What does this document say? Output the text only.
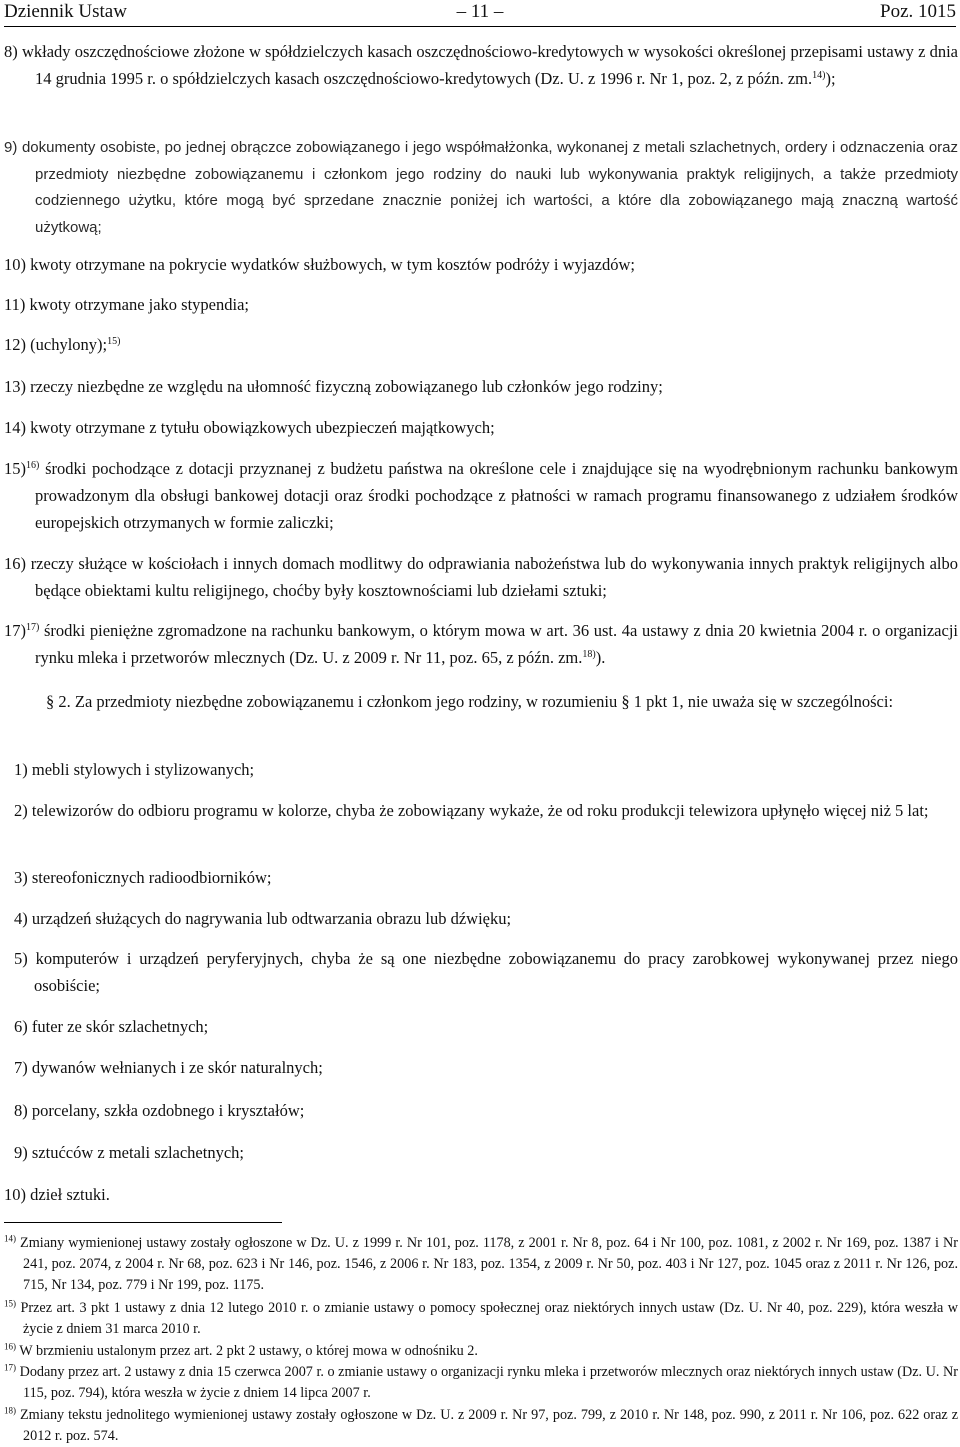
Dziennik Ustaw	– 11 –	Poz. 1015
8) wkłady oszczędnościowe złożone w spółdzielczych kasach oszczędnościowo-kredytowych w wysokości określonej przepisami ustawy z dnia 14 grudnia 1995 r. o spółdzielczych kasach oszczędnościowo-kredytowych (Dz. U. z 1996 r. Nr 1, poz. 2, z późn. zm.$^{14)}$);
9) dokumenty osobiste, po jednej obrączce zobowiązanego i jego współmałżonka, wykonanej z metali szlachetnych, ordery i odznaczenia oraz przedmioty niezbędne zobowiązanemu i członkom jego rodziny do nauki lub wykonywania praktyk religijnych, a także przedmioty codziennego użytku, które mogą być sprzedane znacznie poniżej ich wartości, a które dla zobowiązanego mają znaczną wartość użytkową;
10) kwoty otrzymane na pokrycie wydatków służbowych, w tym kosztów podróży i wyjazdów;
11) kwoty otrzymane jako stypendia;
12) (uchylony);$^{15)}$
13) rzeczy niezbędne ze względu na ułomność fizyczną zobowiązanego lub członków jego rodziny;
14) kwoty otrzymane z tytułu obowiązkowych ubezpieczeń majątkowych;
15)$^{16)}$ środki pochodzące z dotacji przyznanej z budżetu państwa na określone cele i znajdujące się na wyodrębnionym rachunku bankowym prowadzonym dla obsługi bankowej dotacji oraz środki pochodzące z płatności w ramach programu finansowanego z udziałem środków europejskich otrzymanych w formie zaliczki;
16) rzeczy służące w kościołach i innych domach modlitwy do odprawiania nabożeństwa lub do wykonywania innych praktyk religijnych albo będące obiektami kultu religijnego, choćby były kosztownościami lub dziełami sztuki;
17)$^{17)}$ środki pieniężne zgromadzone na rachunku bankowym, o którym mowa w art. 36 ust. 4a ustawy z dnia 20 kwietnia 2004 r. o organizacji rynku mleka i przetworów mlecznych (Dz. U. z 2009 r. Nr 11, poz. 65, z późn. zm.$^{18)}$).
§ 2. Za przedmioty niezbędne zobowiązanemu i członkom jego rodziny, w rozumieniu § 1 pkt 1, nie uważa się w szczególności:
1) mebli stylowych i stylizowanych;
2) telewizorów do odbioru programu w kolorze, chyba że zobowiązany wykaże, że od roku produkcji telewizora upłynęło więcej niż 5 lat;
3) stereofonicznych radioodbiorników;
4) urządzeń służących do nagrywania lub odtwarzania obrazu lub dźwięku;
5) komputerów i urządzeń peryferyjnych, chyba że są one niezbędne zobowiązanemu do pracy zarobkowej wykonywanej przez niego osobiście;
6) futer ze skór szlachetnych;
7) dywanów wełnianych i ze skór naturalnych;
8) porcelany, szkła ozdobnego i kryształów;
9) sztućców z metali szlachetnych;
10) dzieł sztuki.
$^{14)}$ Zmiany wymienionej ustawy zostały ogłoszone w Dz. U. z 1999 r. Nr 101, poz. 1178, z 2001 r. Nr 8, poz. 64 i Nr 100, poz. 1081, z 2002 r. Nr 169, poz. 1387 i Nr 241, poz. 2074, z 2004 r. Nr 68, poz. 623 i Nr 146, poz. 1546, z 2006 r. Nr 183, poz. 1354, z 2009 r. Nr 50, poz. 403 i Nr 127, poz. 1045 oraz z 2011 r. Nr 126, poz. 715, Nr 134, poz. 779 i Nr 199, poz. 1175.
$^{15)}$ Przez art. 3 pkt 1 ustawy z dnia 12 lutego 2010 r. o zmianie ustawy o pomocy społecznej oraz niektórych innych ustaw (Dz. U. Nr 40, poz. 229), która weszła w życie z dniem 31 marca 2010 r.
$^{16)}$ W brzmieniu ustalonym przez art. 2 pkt 2 ustawy, o której mowa w odnośniku 2.
$^{17)}$ Dodany przez art. 2 ustawy z dnia 15 czerwca 2007 r. o zmianie ustawy o organizacji rynku mleka i przetworów mlecznych oraz niektórych innych ustaw (Dz. U. Nr 115, poz. 794), która weszła w życie z dniem 14 lipca 2007 r.
$^{18)}$ Zmiany tekstu jednolitego wymienionej ustawy zostały ogłoszone w Dz. U. z 2009 r. Nr 97, poz. 799, z 2010 r. Nr 148, poz. 990, z 2011 r. Nr 106, poz. 622 oraz z 2012 r. poz. 574.
